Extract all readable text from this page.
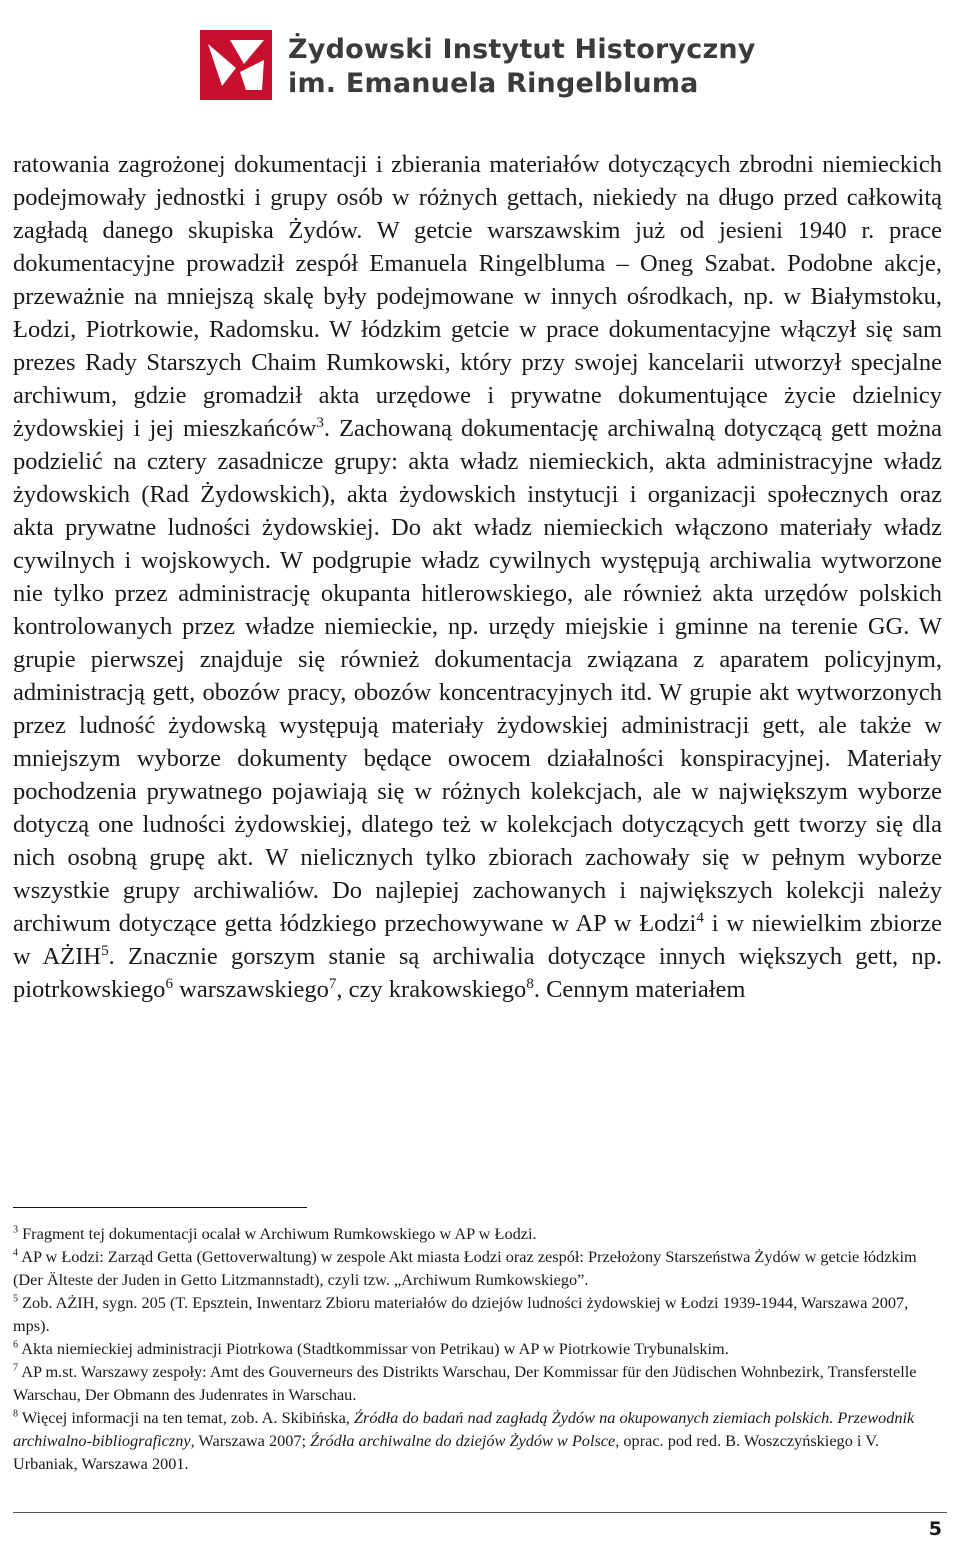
Żydowski Instytut Historyczny
im. Emanuela Ringelbluma

ratowania zagrożonej dokumentacji i zbierania materiałów dotyczących zbrodni niemieckich podejmowały jednostki i grupy osób w różnych gettach, niekiedy na długo przed całkowitą zagładą danego skupiska Żydów. W getcie warszawskim już od jesieni 1940 r. prace dokumentacyjne prowadził zespół Emanuela Ringelbluma – Oneg Szabat. Podobne akcje, przeważnie na mniejszą skalę były podejmowane w innych ośrodkach, np. w Białymstoku, Łodzi, Piotrkowie, Radomsku. W łódzkim getcie w prace dokumentacyjne włączył się sam prezes Rady Starszych Chaim Rumkowski, który przy swojej kancelarii utworzył specjalne archiwum, gdzie gromadził akta urzędowe i prywatne dokumentujące życie dzielnicy żydowskiej i jej mieszkańców$^3$. Zachowaną dokumentację archiwalną dotyczącą gett można podzielić na cztery zasadnicze grupy: akta władz niemieckich, akta administracyjne władz żydowskich (Rad Żydowskich), akta żydowskich instytucji i organizacji społecznych oraz akta prywatne ludności żydowskiej. Do akt władz niemieckich włączono materiały władz cywilnych i wojskowych. W podgrupie władz cywilnych występują archiwalia wytworzone nie tylko przez administrację okupanta hitlerowskiego, ale również akta urzędów polskich kontrolowanych przez władze niemieckie, np. urzędy miejskie i gminne na terenie GG. W grupie pierwszej znajduje się również dokumentacja związana z aparatem policyjnym, administracją gett, obozów pracy, obozów koncentracyjnych itd. W grupie akt wytworzonych przez ludność żydowską występują materiały żydowskiej administracji gett, ale także w mniejszym wyborze dokumenty będące owocem działalności konspiracyjnej. Materiały pochodzenia prywatnego pojawiają się w różnych kolekcjach, ale w największym wyborze dotyczą one ludności żydowskiej, dlatego też w kolekcjach dotyczących gett tworzy się dla nich osobną grupę akt. W nielicznych tylko zbiorach zachowały się w pełnym wyborze wszystkie grupy archiwaliów. Do najlepiej zachowanych i największych kolekcji należy archiwum dotyczące getta łódzkiego przechowywane w AP w Łodzi$^4$ i w niewielkim zbiorze w AŻIH$^5$. Znacznie gorszym stanie są archiwalia dotyczące innych większych gett, np. piotrkowskiego$^6$ warszawskiego$^7$, czy krakowskiego$^8$. Cennym materiałem

$^3$ Fragment tej dokumentacji ocalał w Archiwum Rumkowskiego w AP w Łodzi.

$^4$ AP w Łodzi: Zarząd Getta (Gettoverwaltung) w zespole Akt miasta Łodzi oraz zespół: Przełożony Starszeństwa Żydów w getcie łódzkim (Der Älteste der Juden in Getto Litzmannstadt), czyli tzw. „Archiwum Rumkowskiego”.

$^5$ Zob. AŻIH, sygn. 205 (T. Epsztein, Inwentarz Zbioru materiałów do dziejów ludności żydowskiej w Łodzi 1939-1944, Warszawa 2007, mps).

$^6$ Akta niemieckiej administracji Piotrkowa (Stadtkommissar von Petrikau) w AP w Piotrkowie Trybunalskim.

$^7$ AP m.st. Warszawy zespoły: Amt des Gouverneurs des Distrikts Warschau, Der Kommissar für den Jüdischen Wohnbezirk, Transferstelle Warschau, Der Obmann des Judenrates in Warschau.

$^8$ Więcej informacji na ten temat, zob. A. Skibińska, Źródła do badań nad zagładą Żydów na okupowanych ziemiach polskich. Przewodnik archiwalno-bibliograficzny, Warszawa 2007; Źródła archiwalne do dziejów Żydów w Polsce, oprac. pod red. B. Woszczyńskiego i V. Urbaniak, Warszawa 2001.

5
